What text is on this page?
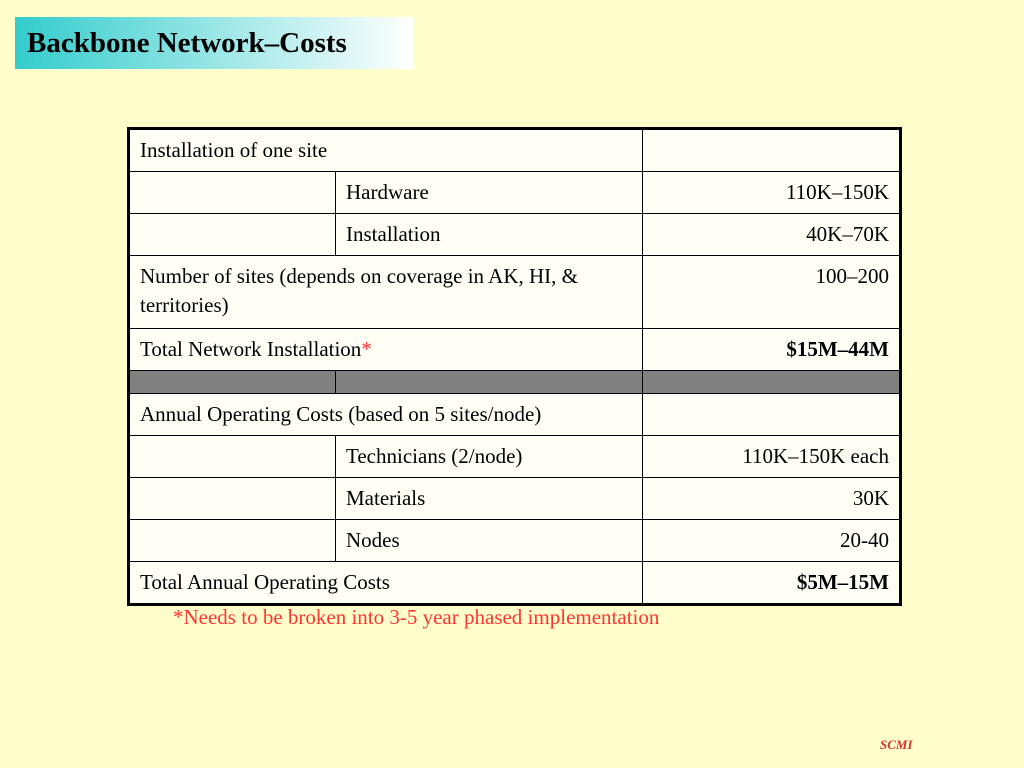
Backbone Network–Costs
Installation of one site		
	Hardware	110K–150K
	Installation	40K–70K
Number of sites (depends on coverage in AK, HI, & territories)		100–200
Total Network Installation*		$15M–44M

Annual Operating Costs (based on 5 sites/node)		
	Technicians (2/node)	110K–150K each
	Materials	30K
	Nodes	20-40
Total Annual Operating Costs		$5M–15M
*Needs to be broken into 3-5 year phased implementation
SCMI
